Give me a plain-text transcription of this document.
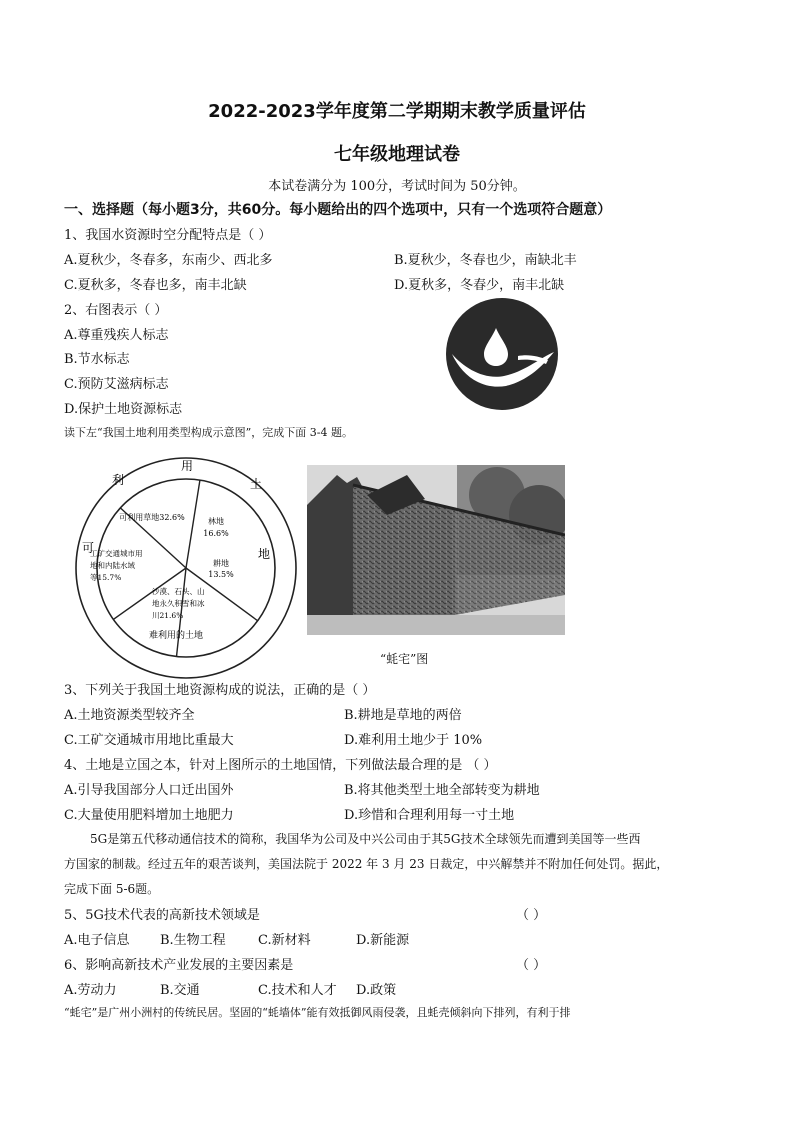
2022-2023学年度第二学期期末教学质量评估
七年级地理试卷
本试卷满分为 100分，考试时间为 50分钟。
一、选择题（每小题3分，共60分。每小题给出的四个选项中，只有一个选项符合题意）
1、我国水资源时空分配特点是（ ）
A.夏秋少，冬春多，东南少、西北多	B.夏秋少，冬春也少，南缺北丰
C.夏秋多，冬春也多，南丰北缺	D.夏秋多，冬春少，南丰北缺
2、右图表示（ ）
A.尊重残疾人标志
B.节水标志
C.预防艾滋病标志
D.保护土地资源标志
读下左“我国土地利用类型构成示意图”，完成下面 3-4 题。
用
土
地
难利用的土地
可
利
可利用草地32.6%	林地
16.6%
耕地
13.5%
工矿交通城市用
地和内陆水域
等15.7%
沙漠、石头、山
地永久积雪和冰
川21.6%
“蚝宅”图
3、下列关于我国土地资源构成的说法，正确的是（ ）
A.土地资源类型较齐全	B.耕地是草地的两倍
C.工矿交通城市用地比重最大	D.难利用土地少于 10%
4、土地是立国之本，针对上图所示的土地国情，下列做法最合理的是 （ ）
A.引导我国部分人口迁出国外	B.将其他类型土地全部转变为耕地
C.大量使用肥料增加土地肥力	D.珍惜和合理利用每一寸土地
5G是第五代移动通信技术的简称，我国华为公司及中兴公司由于其5G技术全球领先而遭到美国等一些西
方国家的制裁。经过五年的艰苦谈判，美国法院于 2022 年 3 月 23 日裁定，中兴解禁并不附加任何处罚。据此，
完成下面 5-6题。
5、5G技术代表的高新技术领域是	（ ）
A.电子信息 B.生物工程 C.新材料	D.新能源
6、影响高新技术产业发展的主要因素是	（ ）
A.劳动力	B.交通	C.技术和人才 D.政策
“蚝宅”是广州小洲村的传统民居。坚固的“蚝墙体”能有效抵御风雨侵袭，且蚝壳倾斜向下排列，有利于排
